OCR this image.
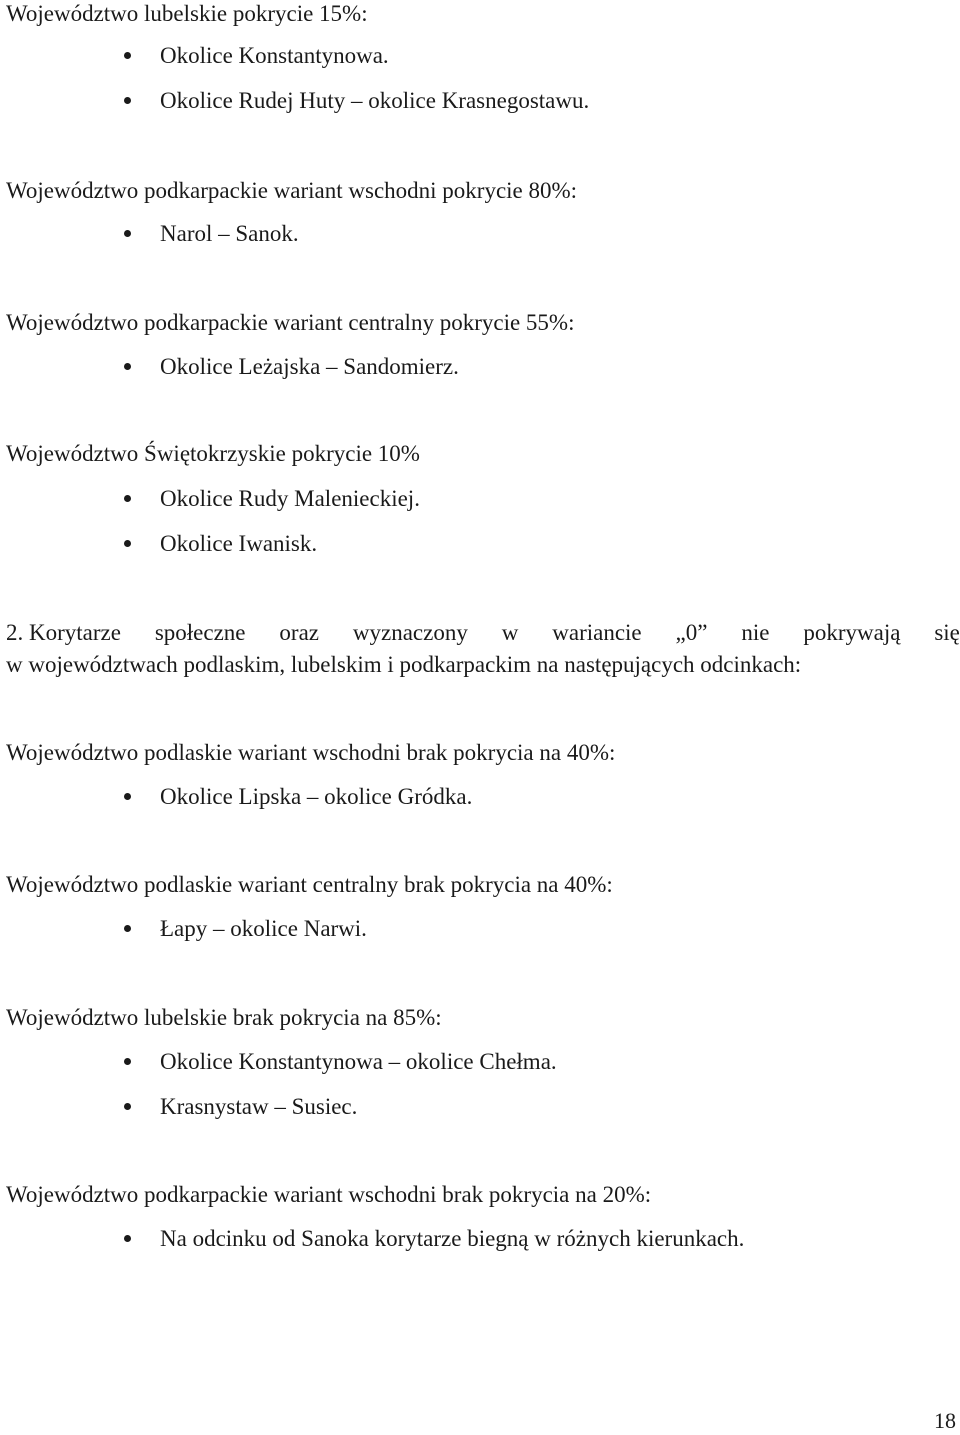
Województwo lubelskie pokrycie 15%:
Okolice Konstantynowa.
Okolice Rudej Huty – okolice Krasnegostawu.
Województwo podkarpackie wariant wschodni pokrycie 80%:
Narol – Sanok.
Województwo podkarpackie wariant centralny pokrycie 55%:
Okolice Leżajska – Sandomierz.
Województwo Świętokrzyskie pokrycie 10%
Okolice Rudy Malenieckiej.
Okolice Iwanisk.
2. Korytarze społeczne oraz wyznaczony w wariancie „0” nie pokrywają się
w województwach podlaskim, lubelskim i podkarpackim na następujących odcinkach:
Województwo podlaskie wariant wschodni brak pokrycia na 40%:
Okolice Lipska – okolice Gródka.
Województwo podlaskie wariant centralny brak pokrycia na 40%:
Łapy – okolice Narwi.
Województwo lubelskie brak pokrycia na 85%:
Okolice Konstantynowa – okolice Chełma.
Krasnystaw – Susiec.
Województwo podkarpackie wariant wschodni brak pokrycia na 20%:
Na odcinku od Sanoka korytarze biegną w różnych kierunkach.
18
